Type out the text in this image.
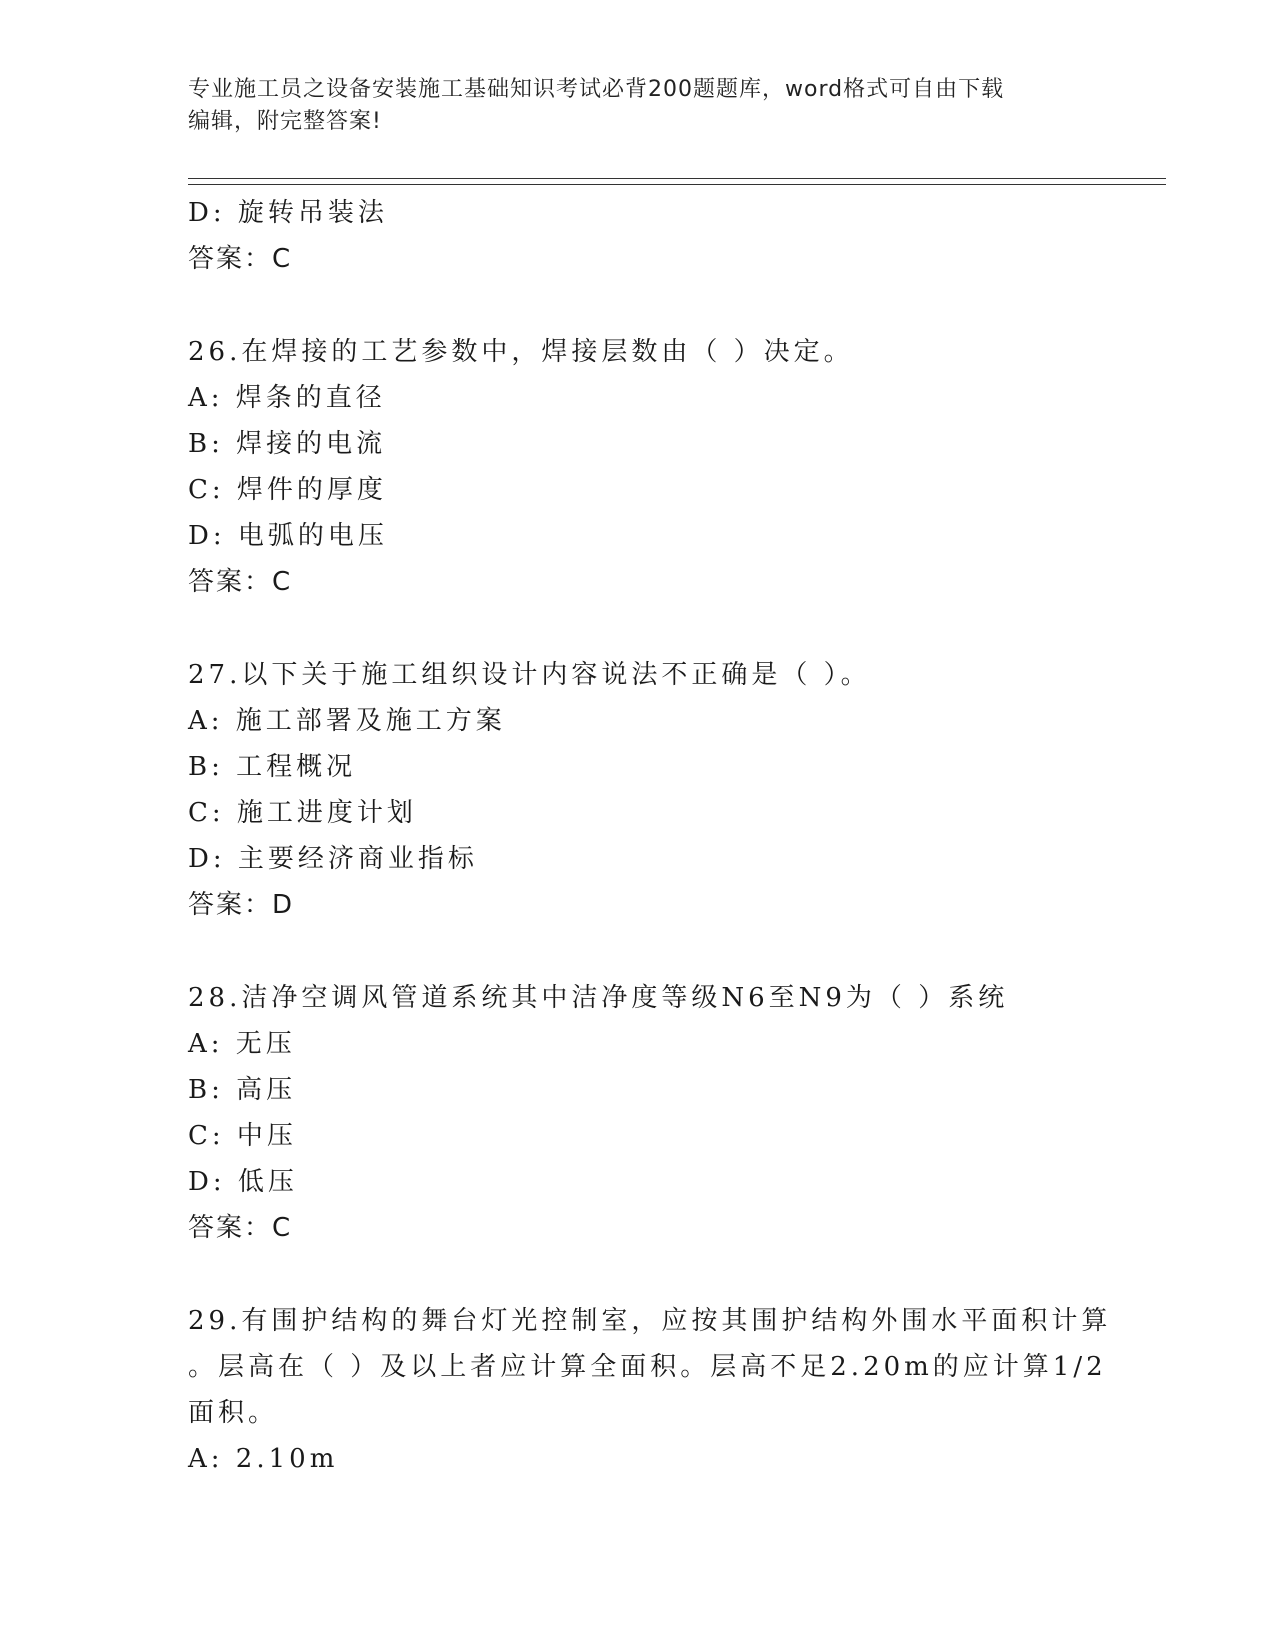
专业施工员之设备安装施工基础知识考试必背200题题库，word格式可自由下载
编辑，附完整答案!
D: 旋转吊装法
答案：C
26.在焊接的工艺参数中，焊接层数由（ ）决定。
A: 焊条的直径
B: 焊接的电流
C: 焊件的厚度
D: 电弧的电压
答案：C
27.以下关于施工组织设计内容说法不正确是（ ）。
A: 施工部署及施工方案
B: 工程概况
C: 施工进度计划
D: 主要经济商业指标
答案：D
28.洁净空调风管道系统其中洁净度等级N6至N9为（ ）系统
A: 无压
B: 高压
C: 中压
D: 低压
答案：C
29.有围护结构的舞台灯光控制室，应按其围护结构外围水平面积计算
。层高在（ ）及以上者应计算全面积。层高不足2.20m的应计算1/2
面积。
A: 2.10m
